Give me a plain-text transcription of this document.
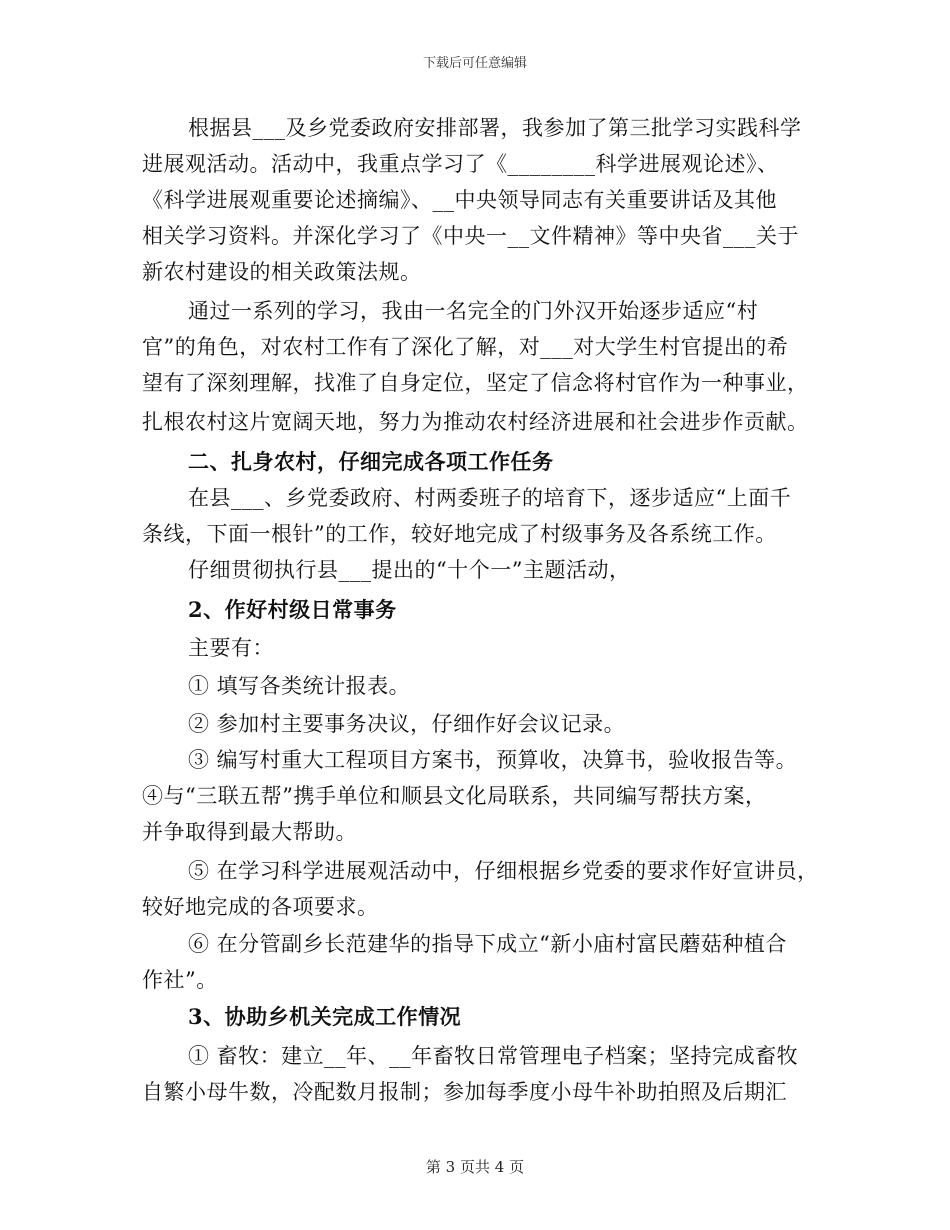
下载后可任意编辑
根据县___及乡党委政府安排部署，我参加了第三批学习实践科学
进展观活动。活动中，我重点学习了《________科学进展观论述》、
《科学进展观重要论述摘编》、__中央领导同志有关重要讲话及其他
相关学习资料。并深化学习了《中央一__文件精神》等中央省___关于
新农村建设的相关政策法规。
通过一系列的学习，我由一名完全的门外汉开始逐步适应“村
官”的角色，对农村工作有了深化了解，对___对大学生村官提出的希
望有了深刻理解，找准了自身定位，坚定了信念将村官作为一种事业，
扎根农村这片宽阔天地，努力为推动农村经济进展和社会进步作贡献。
二、扎身农村，仔细完成各项工作任务
在县___、乡党委政府、村两委班子的培育下，逐步适应“上面千
条线，下面一根针”的工作，较好地完成了村级事务及各系统工作。
仔细贯彻执行县___提出的“十个一”主题活动，
2、作好村级日常事务
主要有：
① 填写各类统计报表。
② 参加村主要事务决议，仔细作好会议记录。
③ 编写村重大工程项目方案书，预算收，决算书，验收报告等。
④与“三联五帮”携手单位和顺县文化局联系，共同编写帮扶方案，
并争取得到最大帮助。
⑤ 在学习科学进展观活动中，仔细根据乡党委的要求作好宣讲员，
较好地完成的各项要求。
⑥ 在分管副乡长范建华的指导下成立“新小庙村富民蘑菇种植合
作社”。
3、协助乡机关完成工作情况
① 畜牧：建立__年、__年畜牧日常管理电子档案；坚持完成畜牧
自繁小母牛数，冷配数月报制；参加每季度小母牛补助拍照及后期汇
第 3 页共 4 页
